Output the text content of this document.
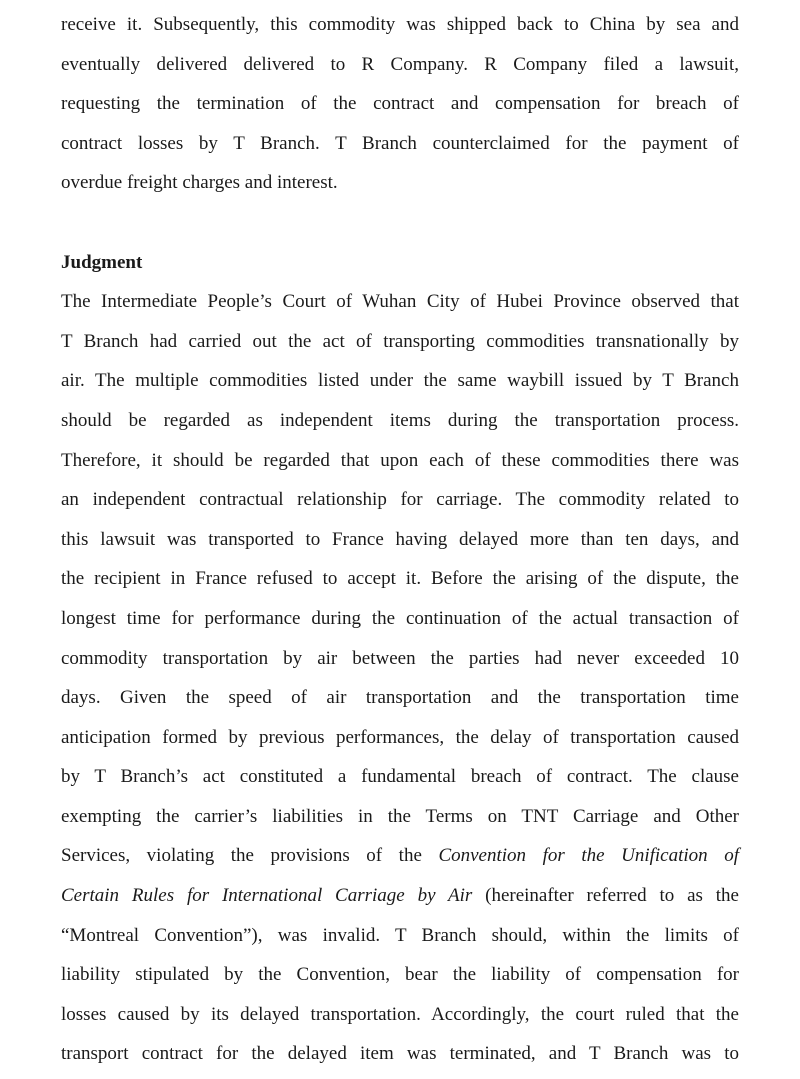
receive it. Subsequently, this commodity was shipped back to China by sea and
eventually delivered delivered to R Company. R Company filed a lawsuit,
requesting the termination of the contract and compensation for breach of
contract losses by T Branch. T Branch counterclaimed for the payment of
overdue freight charges and interest.
Judgment
The Intermediate People’s Court of Wuhan City of Hubei Province observed that
T Branch had carried out the act of transporting commodities transnationally by
air. The multiple commodities listed under the same waybill issued by T Branch
should be regarded as independent items during the transportation process.
Therefore, it should be regarded that upon each of these commodities there was
an independent contractual relationship for carriage. The commodity related to
this lawsuit was transported to France having delayed more than ten days, and
the recipient in France refused to accept it. Before the arising of the dispute, the
longest time for performance during the continuation of the actual transaction of
commodity transportation by air between the parties had never exceeded 10
days. Given the speed of air transportation and the transportation time
anticipation formed by previous performances, the delay of transportation caused
by T Branch’s act constituted a fundamental breach of contract. The clause
exempting the carrier’s liabilities in the Terms on TNT Carriage and Other
Services, violating the provisions of the Convention for the Unification of
Certain Rules for International Carriage by Air (hereinafter referred to as the
“Montreal Convention”), was invalid. T Branch should, within the limits of
liability stipulated by the Convention, bear the liability of compensation for
losses caused by its delayed transportation. Accordingly, the court ruled that the
transport contract for the delayed item was terminated, and T Branch was to
